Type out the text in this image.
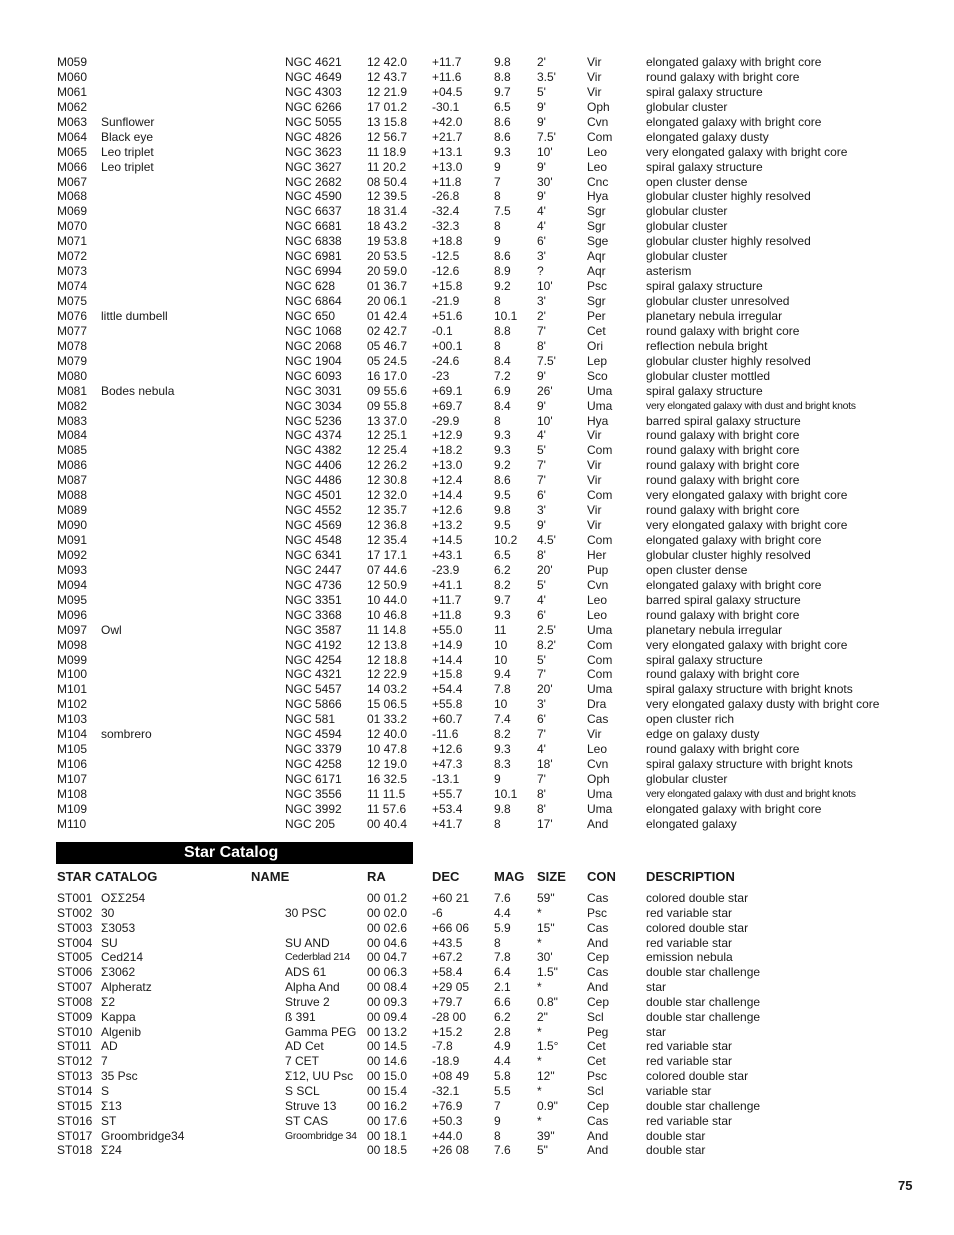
M059	NGC 4621 12 42.0 +11.7	9.8 2'	Vir	elongated galaxy with bright core
M060	NGC 4649 12 43.7 +11.6	8.8 3.5'	Vir	round galaxy with bright core
M061	NGC 4303 12 21.9 +04.5	9.7 5'	Vir	spiral galaxy structure
M062	NGC 6266 17 01.2 -30.1	6.5 9'	Oph	globular cluster
M063 Sunflower	NGC 5055 13 15.8 +42.0	8.6 9'	Cvn	elongated galaxy with bright core
M064 Black eye	NGC 4826 12 56.7 +21.7	8.6 7.5'	Com	elongated galaxy dusty
M065 Leo triplet	NGC 3623 11 18.9 +13.1	9.3 10'	Leo	very elongated galaxy with bright core
M066 Leo triplet	NGC 3627 11 20.2 +13.0	9	9'	Leo	spiral galaxy structure
M067	NGC 2682 08 50.4 +11.8	7	30'	Cnc	open cluster dense
M068	NGC 4590 12 39.5 -26.8	8	9'	Hya	globular cluster highly resolved
M069	NGC 6637 18 31.4 -32.4	7.5 4'	Sgr	globular cluster
M070	NGC 6681 18 43.2 -32.3	8	4'	Sgr	globular cluster
M071	NGC 6838 19 53.8 +18.8	9	6'	Sge	globular cluster highly resolved
M072	NGC 6981 20 53.5 -12.5	8.6 3'	Aqr	globular cluster
M073	NGC 6994 20 59.0 -12.6	8.9 ?	Aqr	asterism
M074	NGC 628	01 36.7 +15.8	9.2 10'	Psc	spiral galaxy structure
M075	NGC 6864 20 06.1 -21.9	8	3'	Sgr	globular cluster unresolved
M076 little dumbell	NGC 650	01 42.4 +51.6	10.1 2'	Per	planetary nebula irregular
M077	NGC 1068 02 42.7 -0.1	8.8 7'	Cet	round galaxy with bright core
M078	NGC 2068 05 46.7 +00.1	8	8'	Ori	reflection nebula bright
M079	NGC 1904 05 24.5 -24.6	8.4 7.5'	Lep	globular cluster highly resolved
M080	NGC 6093 16 17.0 -23	7.2 9'	Sco	globular cluster mottled
M081 Bodes nebula	NGC 3031 09 55.6 +69.1	6.9 26'	Uma	spiral galaxy structure
M082	NGC 3034 09 55.8 +69.7	8.4 9'	Uma	very elongated galaxy with dust and bright knots
M083	NGC 5236 13 37.0 -29.9	8	10'	Hya	barred spiral galaxy structure
M084	NGC 4374 12 25.1 +12.9	9.3 4'	Vir	round galaxy with bright core
M085	NGC 4382 12 25.4 +18.2	9.3 5'	Com	round galaxy with bright core
M086	NGC 4406 12 26.2 +13.0	9.2 7'	Vir	round galaxy with bright core
M087	NGC 4486 12 30.8 +12.4	8.6 7'	Vir	round galaxy with bright core
M088	NGC 4501 12 32.0 +14.4	9.5 6'	Com	very elongated galaxy with bright core
M089	NGC 4552 12 35.7 +12.6	9.8 3'	Vir	round galaxy with bright core
M090	NGC 4569 12 36.8 +13.2	9.5 9'	Vir	very elongated galaxy with bright core
M091	NGC 4548 12 35.4 +14.5	10.2 4.5'	Com	elongated galaxy with bright core
M092	NGC 6341 17 17.1 +43.1	6.5 8'	Her	globular cluster highly resolved
M093	NGC 2447 07 44.6 -23.9	6.2 20'	Pup	open cluster dense
M094	NGC 4736 12 50.9 +41.1	8.2 5'	Cvn	elongated galaxy with bright core
M095	NGC 3351 10 44.0 +11.7	9.7 4'	Leo	barred spiral galaxy structure
M096	NGC 3368 10 46.8 +11.8	9.3 6'	Leo	round galaxy with bright core
M097 Owl	NGC 3587 11 14.8 +55.0	11	2.5'	Uma	planetary nebula irregular
M098	NGC 4192 12 13.8 +14.9	10 8.2'	Com	very elongated galaxy with bright core
M099	NGC 4254 12 18.8 +14.4	10 5'	Com	spiral galaxy structure
M100	NGC 4321 12 22.9 +15.8	9.4 7'	Com	round galaxy with bright core
M101	NGC 5457 14 03.2 +54.4	7.8 20'	Uma	spiral galaxy structure with bright knots
M102	NGC 5866 15 06.5 +55.8	10 3'	Dra	very elongated galaxy dusty with bright core
M103	NGC 581	01 33.2 +60.7	7.4 6'	Cas	open cluster rich
M104 sombrero	NGC 4594 12 40.0 -11.6	8.2 7'	Vir	edge on galaxy dusty
M105	NGC 3379 10 47.8 +12.6	9.3 4'	Leo	round galaxy with bright core
M106	NGC 4258 12 19.0 +47.3	8.3 18'	Cvn	spiral galaxy structure with bright knots
M107	NGC 6171 16 32.5 -13.1	9	7'	Oph	globular cluster
M108	NGC 3556 11 11.5 +55.7	10.1 8'	Uma	very elongated galaxy with dust and bright knots
M109	NGC 3992 11 57.6 +53.4	9.8 8'	Uma	elongated galaxy with bright core
M110	NGC 205	00 40.4 +41.7	8	17'	And	elongated galaxy
Star Catalog
STAR CATALOG	NAME	RA	DEC	MAG SIZE CON DESCRIPTION
ST001 OΣΣ254	00 01.2 +60 21 7.6 59"	Cas	colored double star
ST002 30	30 PSC	00 02.0 -6	4.4 *	Psc	red variable star
ST003 Σ3053	00 02.6 +66 06 5.9 15"	Cas	colored double star
ST004 SU	SU AND	00 04.6 +43.5	8	*	And	red variable star
ST005 Ced214	Cederblad 214 00 04.7 +67.2	7.8 30'	Cep	emission nebula
ST006 Σ3062	ADS 61	00 06.3 +58.4	6.4 1.5" Cas	double star challenge
ST007 Alpheratz	Alpha And 00 08.4 +29 05 2.1 *	And	star
ST008 Σ2	Struve 2	00 09.3 +79.7	6.6 0.8" Cep	double star challenge
ST009 Kappa	ß 391	00 09.4 -28 00 6.2 2"	Scl	double star challenge
ST010 Algenib	Gamma PEG 00 13.2 +15.2	2.8 *	Peg	star
ST011 AD	AD Cet	00 14.5 -7.8	4.9 1.5° Cet	red variable star
ST012 7	7 CET	00 14.6 -18.9	4.4 *	Cet	red variable star
ST013 35 Psc	Σ12, UU Psc 00 15.0 +08 49 5.8 12"	Psc	colored double star
ST014 S	S SCL	00 15.4 -32.1	5.5 *	Scl	variable star
ST015 Σ13	Struve 13	00 16.2 +76.9	7	0.9" Cep	double star challenge
ST016 ST	ST CAS	00 17.6 +50.3	9	*	Cas	red variable star
ST017 Groombridge34	Groombridge 34 00 18.1 +44.0	8	39"	And	double star
ST018 Σ24	00 18.5 +26 08 7.6 5"	And	double star
75
